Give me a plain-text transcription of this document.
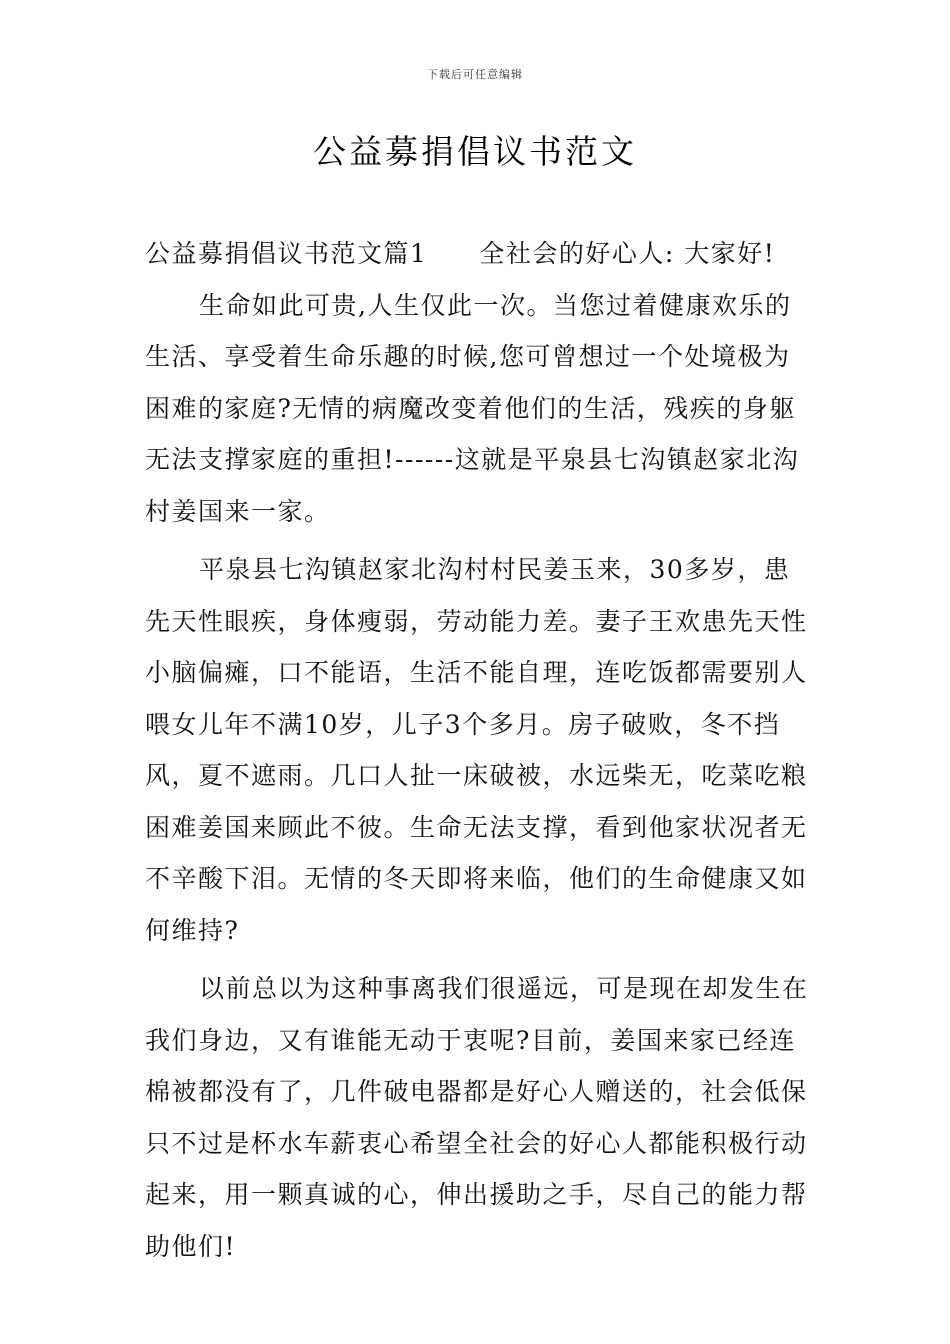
下载后可任意编辑
公益募捐倡议书范文

公益募捐倡议书范文篇1 全社会的好心人: 大家好!

生命如此可贵,人生仅此一次。当您过着健康欢乐的生活、享受着生命乐趣的时候,您可曾想过一个处境极为困难的家庭?无情的病魔改变着他们的生活，残疾的身躯无法支撑家庭的重担!------这就是平泉县七沟镇赵家北沟村姜国来一家。

平泉县七沟镇赵家北沟村村民姜玉来，30多岁，患先天性眼疾，身体瘦弱，劳动能力差。妻子王欢患先天性小脑偏瘫，口不能语，生活不能自理，连吃饭都需要别人喂女儿年不满10岁，儿子3个多月。房子破败，冬不挡风，夏不遮雨。几口人扯一床破被，水远柴无，吃菜吃粮困难姜国来顾此不彼。生命无法支撑，看到他家状况者无不辛酸下泪。无情的冬天即将来临，他们的生命健康又如何维持?

以前总以为这种事离我们很遥远，可是现在却发生在我们身边，又有谁能无动于衷呢?目前，姜国来家已经连棉被都没有了，几件破电器都是好心人赠送的，社会低保只不过是杯水车薪衷心希望全社会的好心人都能积极行动起来，用一颗真诚的心，伸出援助之手，尽自己的能力帮助他们!
